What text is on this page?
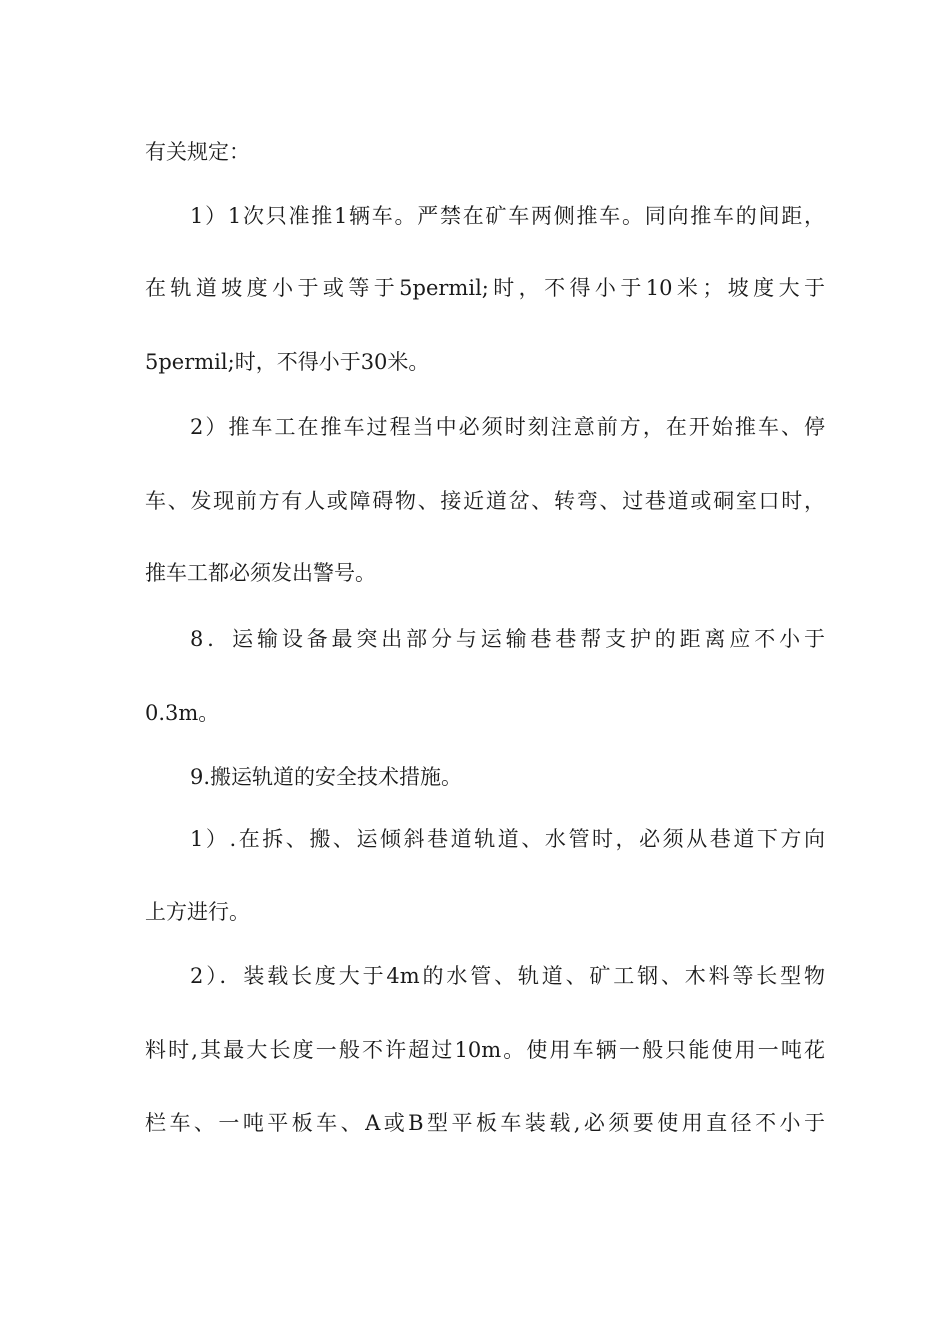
有关规定：
1）1次只准推1辆车。严禁在矿车两侧推车。同向推车的间距，
在轨道坡度小于或等于5permil;时，不得小于10米；坡度大于
5permil;时，不得小于30米。
2）推车工在推车过程当中必须时刻注意前方，在开始推车、停
车、发现前方有人或障碍物、接近道岔、转弯、过巷道或硐室口时，
推车工都必须发出警号。
8．运输设备最突出部分与运输巷巷帮支护的距离应不小于
0.3m。
9.搬运轨道的安全技术措施。
1）.在拆、搬、运倾斜巷道轨道、水管时，必须从巷道下方向
上方进行。
2）．装载长度大于4m的水管、轨道、矿工钢、木料等长型物
料时,其最大长度一般不许超过10m。使用车辆一般只能使用一吨花
栏车、一吨平板车、A或B型平板车装载,必须要使用直径不小于
